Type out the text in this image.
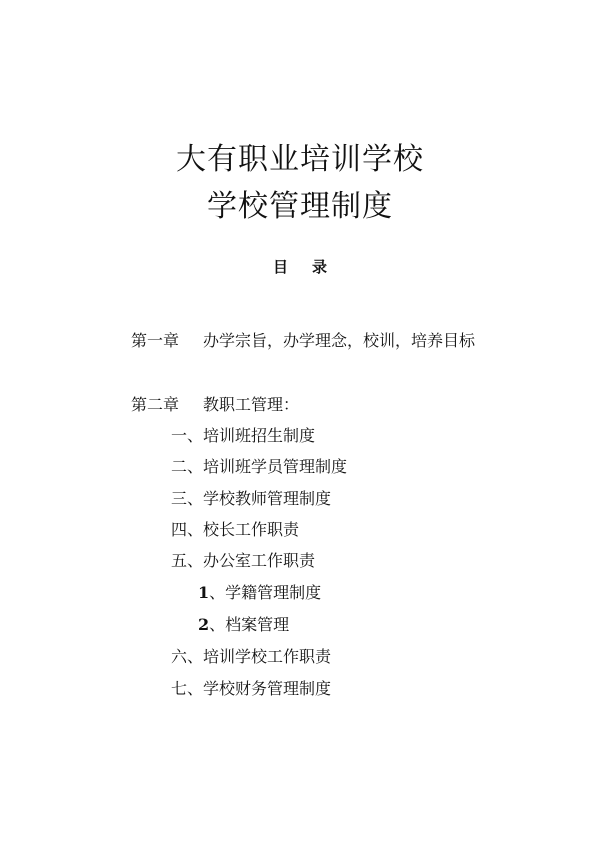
大有职业培训学校
学校管理制度
目 录
第一章 办学宗旨，办学理念，校训，培养目标
第二章 教职工管理：
一、培训班招生制度
二、培训班学员管理制度
三、学校教师管理制度
四、校长工作职责
五、办公室工作职责
1、学籍管理制度
2、档案管理
六、培训学校工作职责
七、学校财务管理制度
